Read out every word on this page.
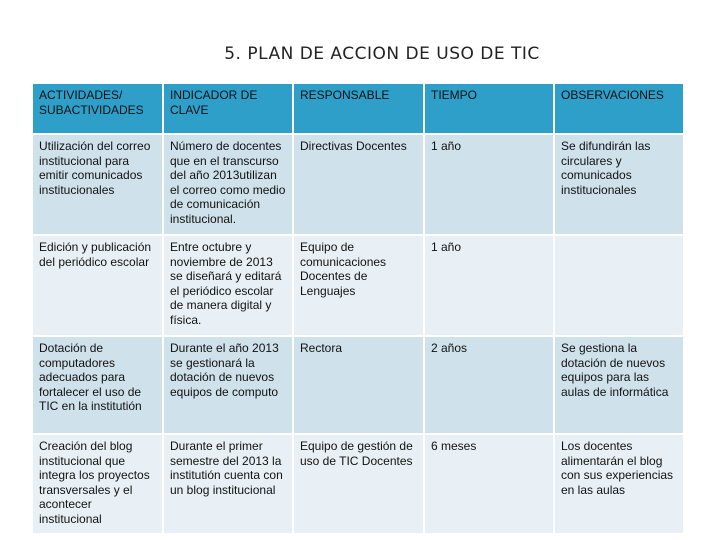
5. PLAN DE ACCION DE USO DE TIC
ACTIVIDADES/ SUBACTIVIDADES	INDICADOR DE CLAVE	RESPONSABLE	TIEMPO	OBSERVACIONES
Utilización del correo institucional para emitir comunicados institucionales	Número de docentes que en el transcurso del año 2013utilizan el correo como medio de comunicación institucional.	Directivas Docentes	1 año	Se difundirán las circulares y comunicados institucionales
Edición y publicación del periódico escolar	Entre octubre y noviembre de 2013 se diseñará y editará el periódico escolar de manera digital y física.	Equipo de comunicaciones Docentes de Lenguajes	1 año	
Dotación de computadores adecuados para fortalecer el uso de TIC en la institutión	Durante el año 2013 se gestionará la dotación de nuevos equipos de computo	Rectora	2 años	Se gestiona la dotación de nuevos equipos para las aulas de informática
Creación del blog institucional que integra los proyectos transversales y el acontecer institucional	Durante el primer semestre del 2013 la institutión cuenta con un blog institucional	Equipo de gestión de uso de TIC Docentes	6 meses	Los docentes alimentarán el blog con sus experiencias en las aulas
